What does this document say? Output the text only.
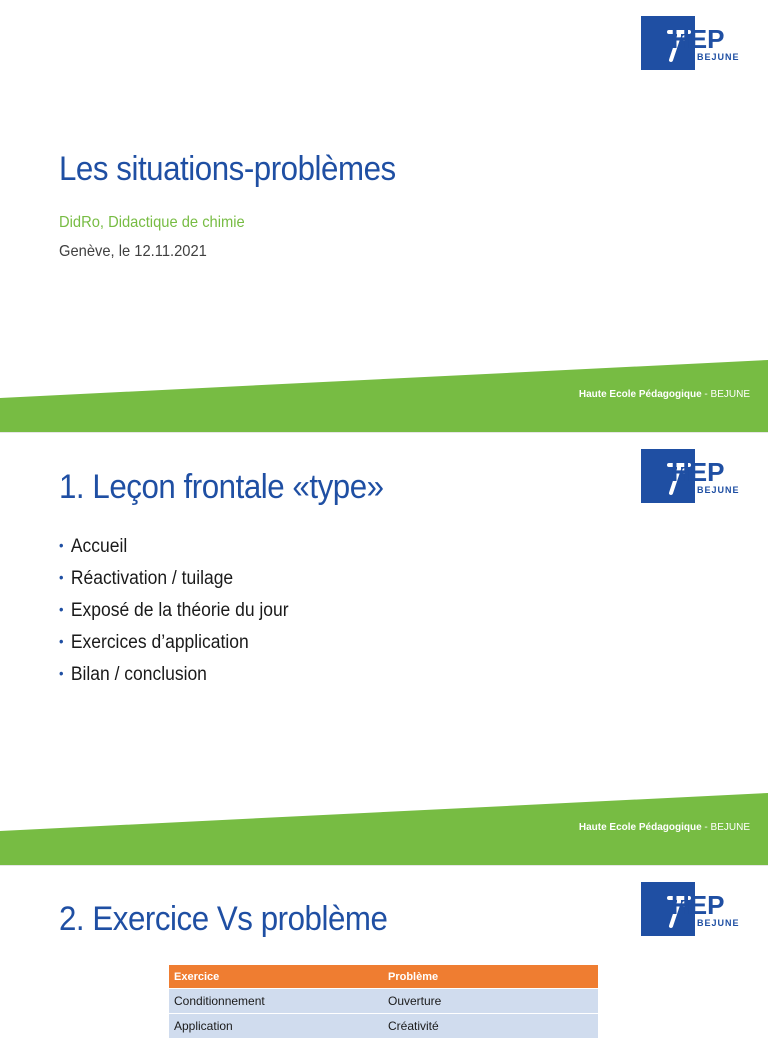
HEP
BEJUNE
Les situations-problèmes
DidRo, Didactique de chimie
Genève, le 12.11.2021
Haute Ecole Pédagogique - BEJUNE
HEP
BEJUNE
1. Leçon frontale «type»
• Accueil
• Réactivation / tuilage
• Exposé de la théorie du jour
• Exercices d’application
• Bilan / conclusion
Haute Ecole Pédagogique - BEJUNE
HEP
BEJUNE
2. Exercice Vs problème
Exercice	Problème
Conditionnement	Ouverture
Application	Créativité
